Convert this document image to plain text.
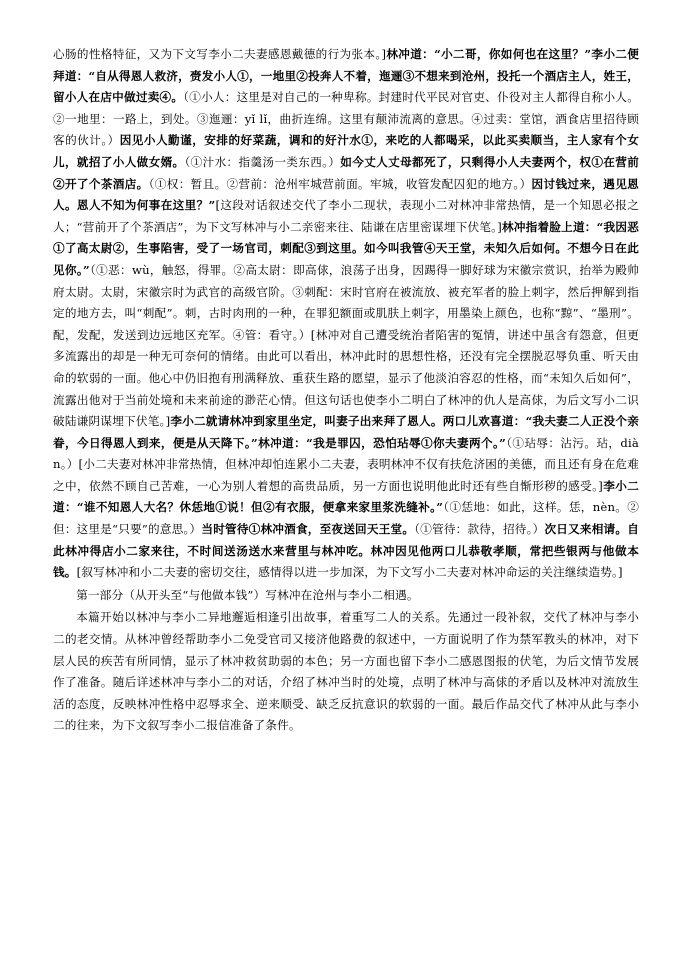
心肠的性格特征，又为下文写李小二夫妻感恩戴德的行为张本。]林冲道：“小二哥，你如何也在这里？”李小二便拜道：“自从得恩人救济，赍发小人①，一地里②投奔人不着，迤逦③不想来到沧州，投托一个酒店主人，姓王，留小人在店中做过卖④。（①小人：这里是对自己的一种卑称。封建时代平民对官吏、仆役对主人都得自称小人。②一地里：一路上，到处。③迤逦：yǐ lǐ，曲折连绵。这里有颠沛流离的意思。④过卖：堂馆，酒食店里招待顾客的伙计。）因见小人勤谨，安排的好菜蔬，调和的好汁水①，来吃的人都喝采，以此买卖顺当，主人家有个女儿，就招了小人做女婿。（①汁水：指羹汤一类东西。）如今丈人丈母都死了，只剩得小人夫妻两个，权①在营前②开了个茶酒店。（①权：暂且。②营前：沧州牢城营前面。牢城，收管发配囚犯的地方。）因讨钱过来，遇见恩人。恩人不知为何事在这里？”[这段对话叙述交代了李小二现状，表现小二对林冲非常热情，是一个知恩必报之人；“营前开了个茶酒店”，为下文写林冲与小二亲密来往、陆谦在店里密谋埋下伏笔。]林冲指着脸上道：“我因恶①了高太尉②，生事陷害，受了一场官司，刺配③到这里。如今叫我管④天王堂，未知久后如何。不想今日在此见你。”（①恶：wù，触怒，得罪。②高太尉：即高俅，浪荡子出身，因踢得一脚好球为宋徽宗赏识，抬举为殿帅府太尉。太尉，宋徽宗时为武官的高级官阶。③刺配：宋时官府在被流放、被充军者的脸上刺字，然后押解到指定的地方去，叫“刺配”。刺，古时肉刑的一种，在罪犯额面或肌肤上刺字，用墨染上颜色，也称“黥”、“墨刑”。配，发配，发送到边远地区充军。④管：看守。）[林冲对自己遭受统治者陷害的冤情，讲述中虽含有怨意，但更多流露出的却是一种无可奈何的情绪。由此可以看出，林冲此时的思想性格，还没有完全摆脱忍辱负重、听天由命的软弱的一面。他心中仍旧抱有刑满释放、重获生路的愿望，显示了他淡泊容忍的性格，而“未知久后如何”，流露出他对于当前处境和未来前途的渺茫心情。但这句话也使李小二明白了林冲的仇人是高俅，为后文写小二识破陆谦阴谋埋下伏笔。]李小二就请林冲到家里坐定，叫妻子出来拜了恩人。两口儿欢喜道：“我夫妻二人正没个亲眷，今日得恩人到来，便是从天降下。”林冲道：“我是罪囚，恐怕玷辱①你夫妻两个。”（①玷辱：沾污。玷，diàn。）[小二夫妻对林冲非常热情，但林冲却怕连累小二夫妻，表明林冲不仅有扶危济困的美德，而且还有身在危难之中，依然不顾自己苦难，一心为别人着想的高贵品质，另一方面也说明他此时还有些自惭形秽的感受。]李小二道：“谁不知恩人大名？休恁地①说！但②有衣服，便拿来家里浆洗缝补。”（①恁地：如此，这样。恁，nèn。②但：这里是“只要”的意思。）当时管待①林冲酒食，至夜送回天王堂。（①管待：款待，招待。）次日又来相请。自此林冲得店小二家来往，不时间送汤送水来营里与林冲吃。林冲因见他两口儿恭敬孝顺，常把些银两与他做本钱。[叙写林冲和小二夫妻的密切交往，感情得以进一步加深，为下文写小二夫妻对林冲命运的关注继续造势。]

第一部分（从开头至“与他做本钱”）写林冲在沧州与李小二相遇。

本篇开始以林冲与李小二异地邂逅相逢引出故事，着重写二人的关系。先通过一段补叙，交代了林冲与李小二的老交情。从林冲曾经帮助李小二免受官司又接济他路费的叙述中，一方面说明了作为禁军教头的林冲，对下层人民的疾苦有所同情，显示了林冲救贫助弱的本色；另一方面也留下李小二感恩图报的伏笔，为后文情节发展作了准备。随后详述林冲与李小二的对话，介绍了林冲当时的处境，点明了林冲与高俅的矛盾以及林冲对流放生活的态度，反映林冲性格中忍辱求全、逆来顺受、缺乏反抗意识的软弱的一面。最后作品交代了林冲从此与李小二的往来，为下文叙写李小二报信准备了条件。
